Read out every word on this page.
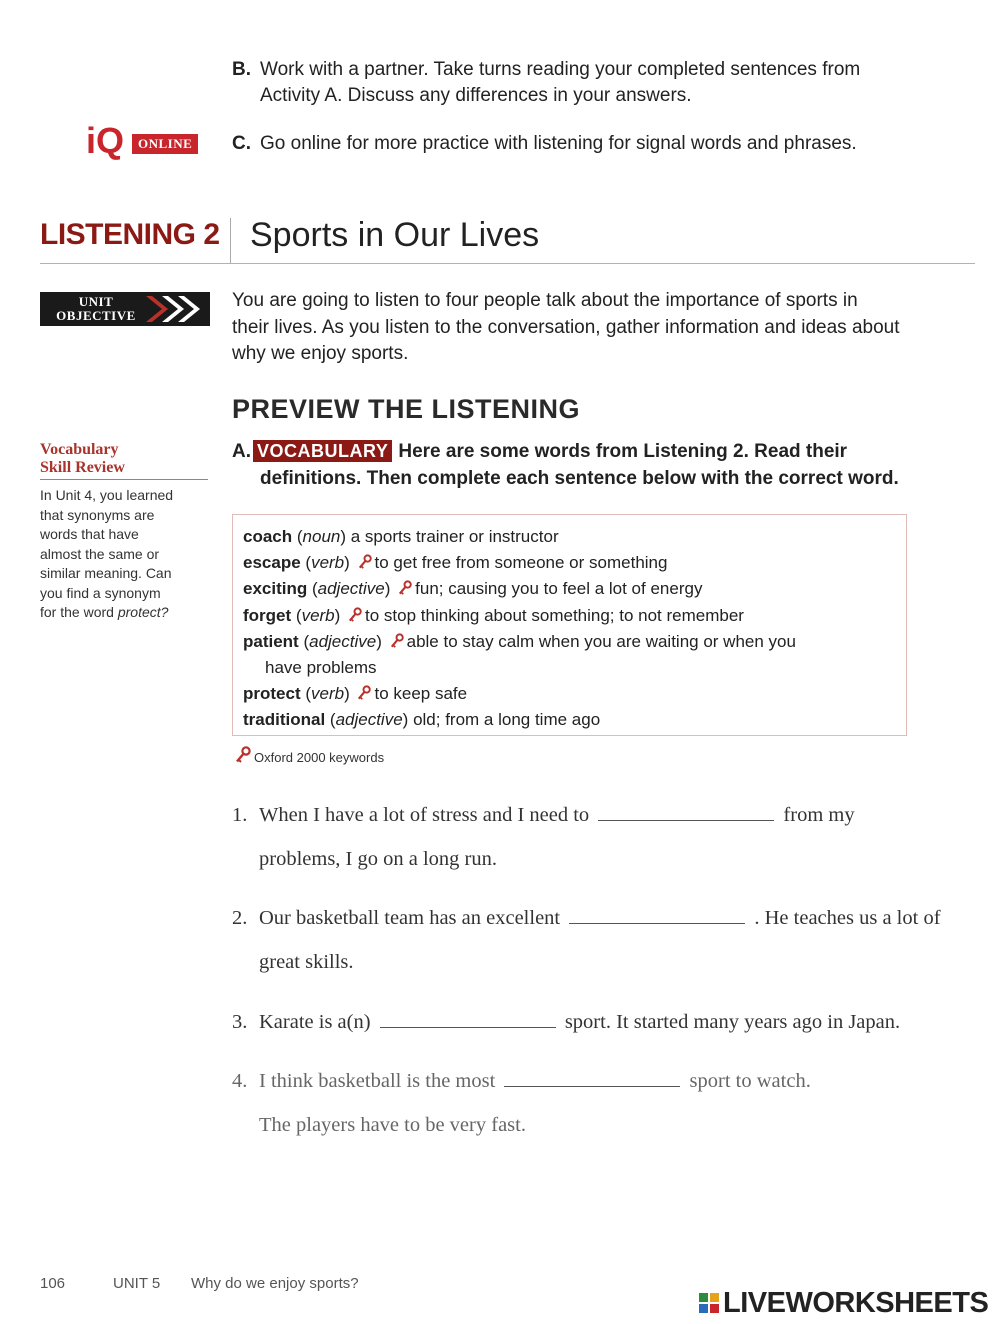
B. Work with a partner. Take turns reading your completed sentences from
Activity A. Discuss any differences in your answers.
iQ	ONLINE	C. Go online for more practice with listening for signal words and phrases.
LISTENING 2 Sports in Our Lives
UNIT
OBJECTIVE
You are going to listen to four people talk about the importance of sports in
their lives. As you listen to the conversation, gather information and ideas about
why we enjoy sports.
PREVIEW THE LISTENING
Vocabulary
Skill Review
In Unit 4, you learned
that synonyms are
words that have
almost the same or
similar meaning. Can
you find a synonym
for the word protect?
A. VOCABULARY Here are some words from Listening 2. Read their
definitions. Then complete each sentence below with the correct word.
coach (noun) a sports trainer or instructor
escape (verb) to get free from someone or something
exciting (adjective) fun; causing you to feel a lot of energy
forget (verb) to stop thinking about something; to not remember
patient (adjective) able to stay calm when you are waiting or when you
have problems
protect (verb) to keep safe
traditional (adjective) old; from a long time ago
Oxford 2000 keywords
1. When I have a lot of stress and I need to	from my
problems, I go on a long run.
2. Our basketball team has an excellent	. He teaches us a lot of
great skills.
3. Karate is a(n)	sport. It started many years ago in Japan.
4. I think basketball is the most	sport to watch.
The players have to be very fast.
106	UNIT 5 Why do we enjoy sports?
LIVEWORKSHEETS
